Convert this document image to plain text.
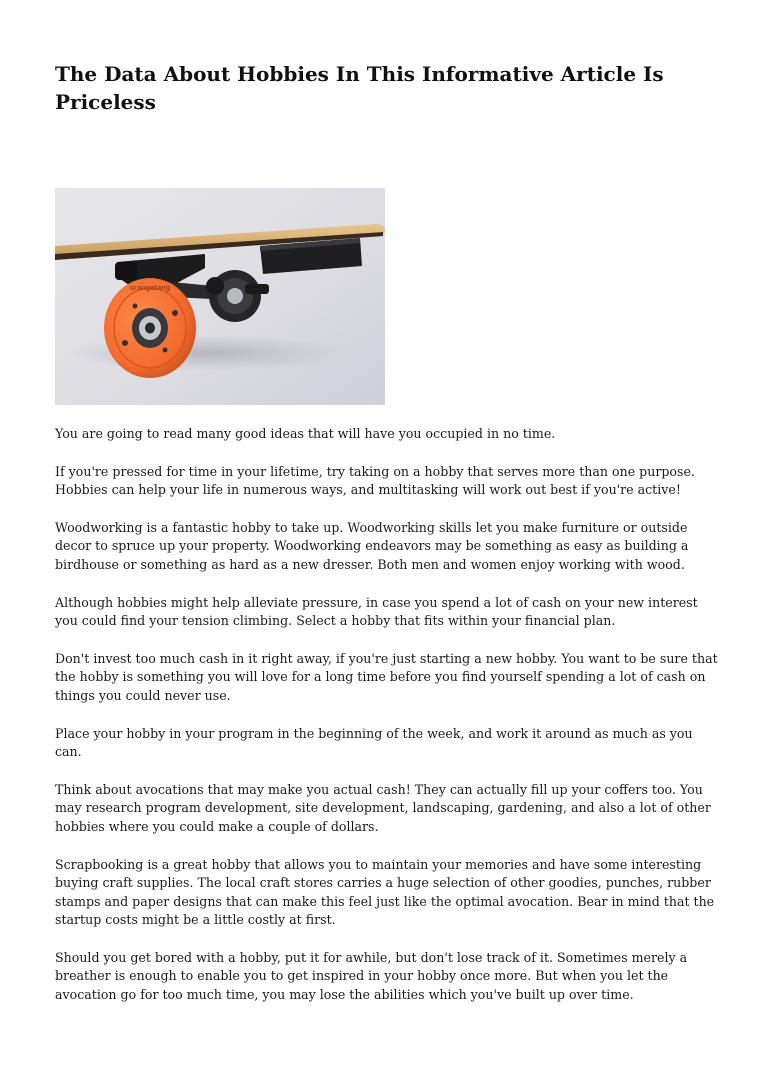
The Data About Hobbies In This Informative Article Is Priceless
orangatang

You are going to read many good ideas that will have you occupied in no time.

If you're pressed for time in your lifetime, try taking on a hobby that serves more than one purpose. Hobbies can help your life in numerous ways, and multitasking will work out best if you're active!

Woodworking is a fantastic hobby to take up. Woodworking skills let you make furniture or outside decor to spruce up your property. Woodworking endeavors may be something as easy as building a birdhouse or something as hard as a new dresser. Both men and women enjoy working with wood.

Although hobbies might help alleviate pressure, in case you spend a lot of cash on your new interest you could find your tension climbing. Select a hobby that fits within your financial plan.

Don't invest too much cash in it right away, if you're just starting a new hobby. You want to be sure that the hobby is something you will love for a long time before you find yourself spending a lot of cash on things you could never use.

Place your hobby in your program in the beginning of the week, and work it around as much as you can.

Think about avocations that may make you actual cash! They can actually fill up your coffers too. You may research program development, site development, landscaping, gardening, and also a lot of other hobbies where you could make a couple of dollars.

Scrapbooking is a great hobby that allows you to maintain your memories and have some interesting buying craft supplies. The local craft stores carries a huge selection of other goodies, punches, rubber stamps and paper designs that can make this feel just like the optimal avocation. Bear in mind that the startup costs might be a little costly at first.

Should you get bored with a hobby, put it for awhile, but don't lose track of it. Sometimes merely a breather is enough to enable you to get inspired in your hobby once more. But when you let the avocation go for too much time, you may lose the abilities which you've built up over time.
